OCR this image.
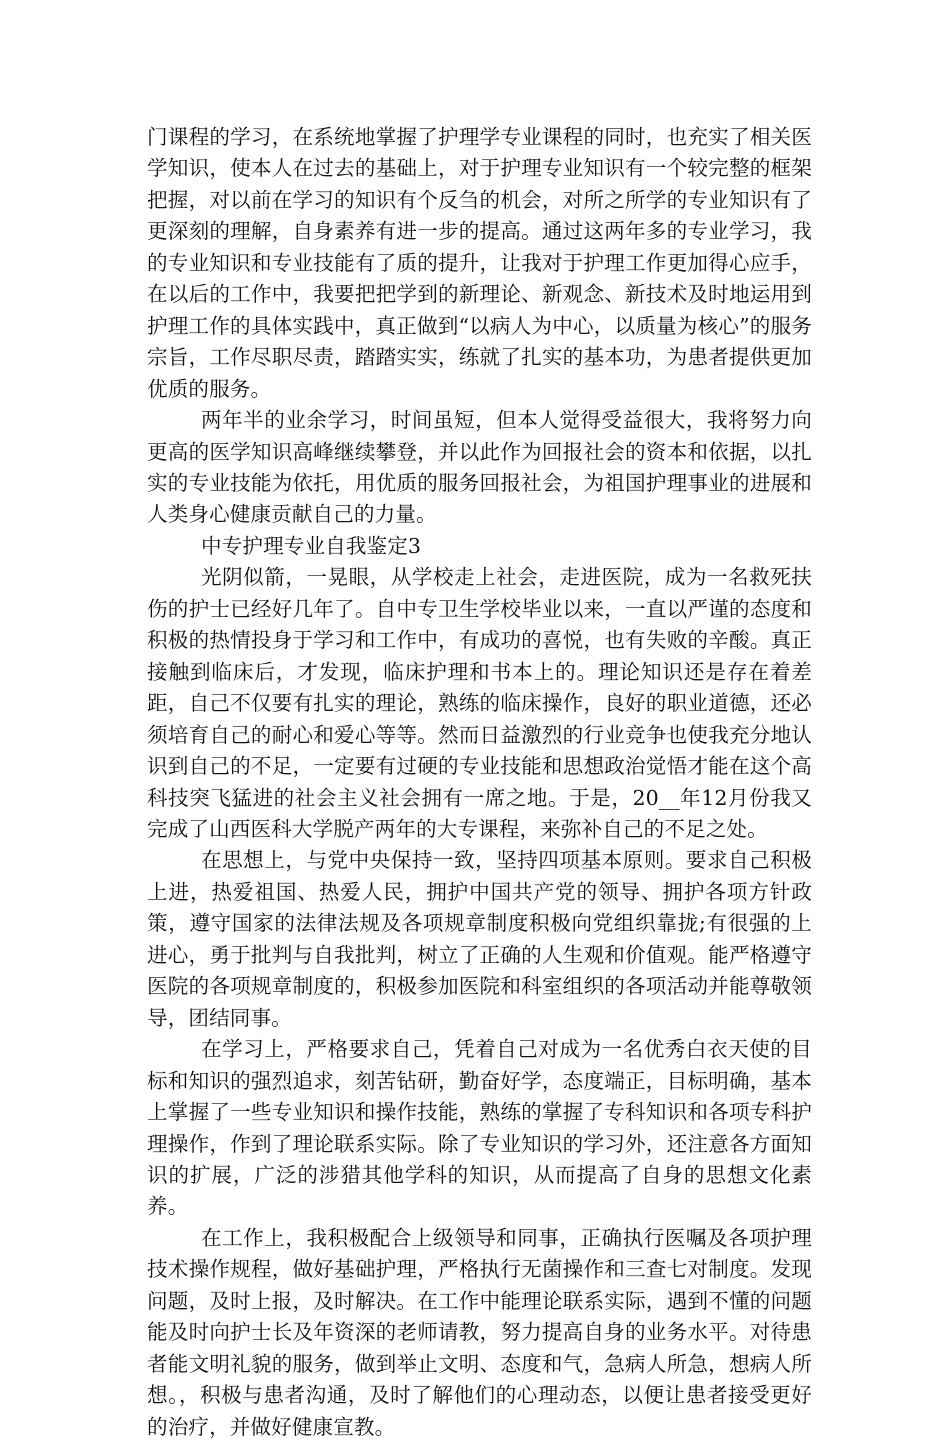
门课程的学习，在系统地掌握了护理学专业课程的同时，也充实了相关医学知识，使本人在过去的基础上，对于护理专业知识有一个较完整的框架把握，对以前在学习的知识有个反刍的机会，对所之所学的专业知识有了更深刻的理解，自身素养有进一步的提高。通过这两年多的专业学习，我的专业知识和专业技能有了质的提升，让我对于护理工作更加得心应手，在以后的工作中，我要把把学到的新理论、新观念、新技术及时地运用到护理工作的具体实践中，真正做到“以病人为中心，以质量为核心”的服务宗旨，工作尽职尽责，踏踏实实，练就了扎实的基本功，为患者提供更加优质的服务。

两年半的业余学习，时间虽短，但本人觉得受益很大，我将努力向更高的医学知识高峰继续攀登，并以此作为回报社会的资本和依据，以扎实的专业技能为依托，用优质的服务回报社会，为祖国护理事业的进展和人类身心健康贡献自己的力量。

中专护理专业自我鉴定3

光阴似箭，一晃眼，从学校走上社会，走进医院，成为一名救死扶伤的护士已经好几年了。自中专卫生学校毕业以来，一直以严谨的态度和积极的热情投身于学习和工作中，有成功的喜悦，也有失败的辛酸。真正接触到临床后，才发现，临床护理和书本上的。理论知识还是存在着差距，自己不仅要有扎实的理论，熟练的临床操作，良好的职业道德，还必须培育自己的耐心和爱心等等。然而日益激烈的行业竞争也使我充分地认识到自己的不足，一定要有过硬的专业技能和思想政治觉悟才能在这个高科技突飞猛进的社会主义社会拥有一席之地。于是，20__年12月份我又完成了山西医科大学脱产两年的大专课程，来弥补自己的不足之处。

在思想上，与党中央保持一致，坚持四项基本原则。要求自己积极上进，热爱祖国、热爱人民，拥护中国共产党的领导、拥护各项方针政策，遵守国家的法律法规及各项规章制度积极向党组织靠拢;有很强的上进心，勇于批判与自我批判，树立了正确的人生观和价值观。能严格遵守医院的各项规章制度的，积极参加医院和科室组织的各项活动并能尊敬领导，团结同事。

在学习上，严格要求自己，凭着自己对成为一名优秀白衣天使的目标和知识的强烈追求，刻苦钻研，勤奋好学，态度端正，目标明确，基本上掌握了一些专业知识和操作技能，熟练的掌握了专科知识和各项专科护理操作，作到了理论联系实际。除了专业知识的学习外，还注意各方面知识的扩展，广泛的涉猎其他学科的知识，从而提高了自身的思想文化素养。

在工作上，我积极配合上级领导和同事，正确执行医嘱及各项护理技术操作规程，做好基础护理，严格执行无菌操作和三查七对制度。发现问题，及时上报，及时解决。在工作中能理论联系实际，遇到不懂的问题能及时向护士长及年资深的老师请教，努力提高自身的业务水平。对待患者能文明礼貌的服务，做到举止文明、态度和气，急病人所急，想病人所想。，积极与患者沟通，及时了解他们的心理动态，以便让患者接受更好的治疗，并做好健康宣教。
